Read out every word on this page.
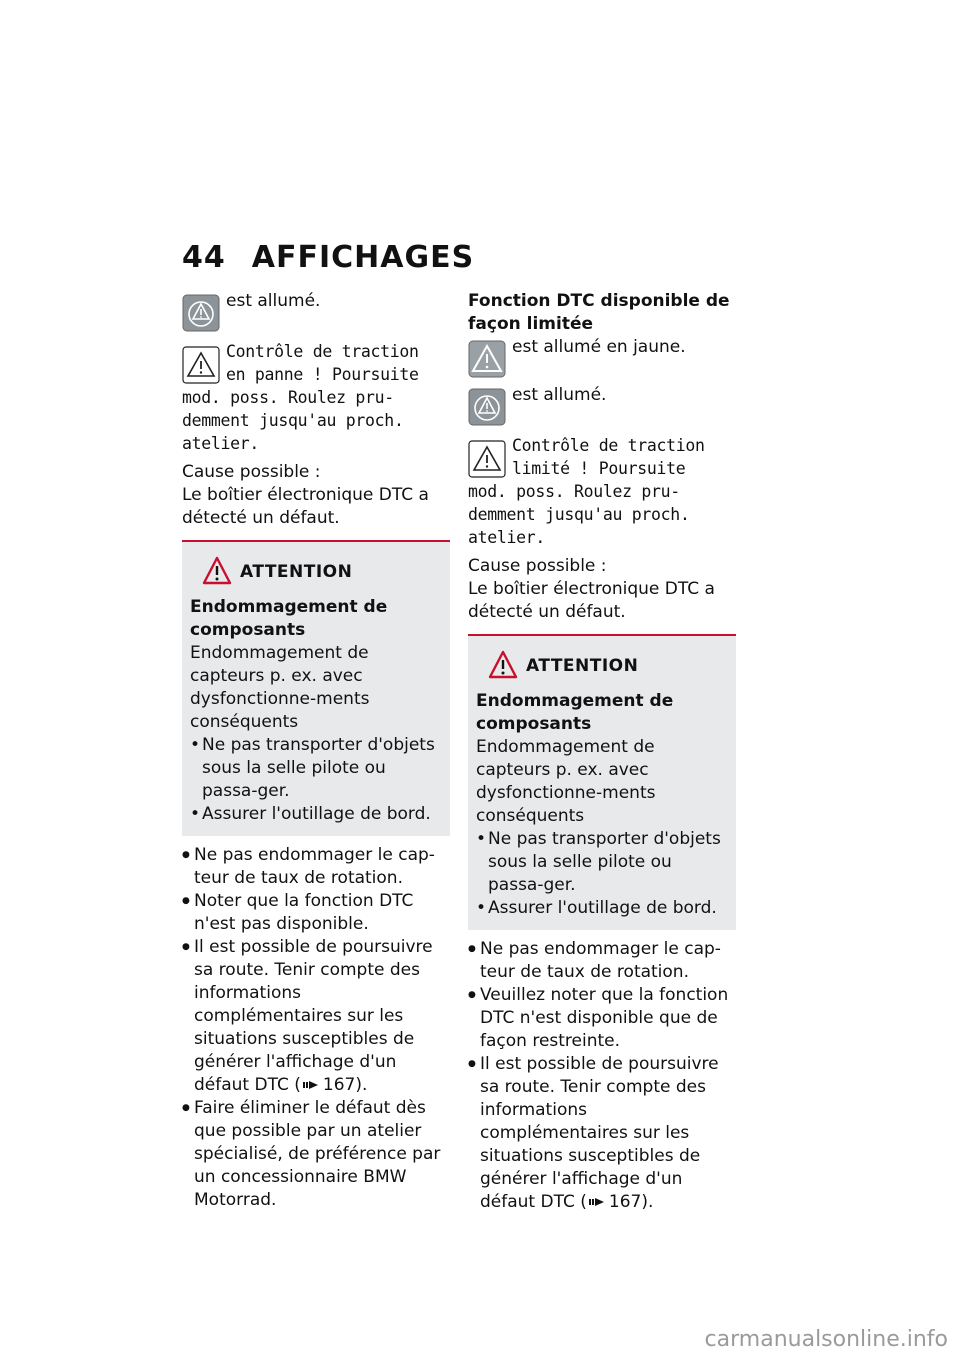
44 AFFICHAGES
est allumé.
Contrôle de traction
en panne ! Poursuite
mod. poss. Roulez pru-
demment jusqu'au proch.
atelier.

Cause possible :

Le boîtier électronique DTC a détecté un défaut.

ATTENTION
Endommagement de composants
Endommagement de capteurs p. ex. avec dysfonctionne-ments conséquents
• Ne pas transporter d'objets sous la selle pilote ou passa-ger.
• Assurer l'outillage de bord.
● Ne pas endommager le cap-teur de taux de rotation.
● Noter que la fonction DTC n'est pas disponible.
● Il est possible de poursuivre sa route. Tenir compte des informations complémentaires sur les situations susceptibles de générer l'affichage d'un défaut DTC ( 167).
● Faire éliminer le défaut dès que possible par un atelier spécialisé, de préférence par un concessionnaire BMW Motorrad.

Fonction DTC disponible de façon limitée

est allumé en jaune.
est allumé.
Contrôle de traction
limité ! Poursuite
mod. poss. Roulez pru-
demment jusqu'au proch.
atelier.

Cause possible :

Le boîtier électronique DTC a détecté un défaut.

ATTENTION
Endommagement de composants
Endommagement de capteurs p. ex. avec dysfonctionne-ments conséquents
• Ne pas transporter d'objets sous la selle pilote ou passa-ger.
• Assurer l'outillage de bord.
● Ne pas endommager le cap-teur de taux de rotation.
● Veuillez noter que la fonction DTC n'est disponible que de façon restreinte.
● Il est possible de poursuivre sa route. Tenir compte des informations complémentaires sur les situations susceptibles de générer l'affichage d'un défaut DTC ( 167).
carmanualsonline.info
